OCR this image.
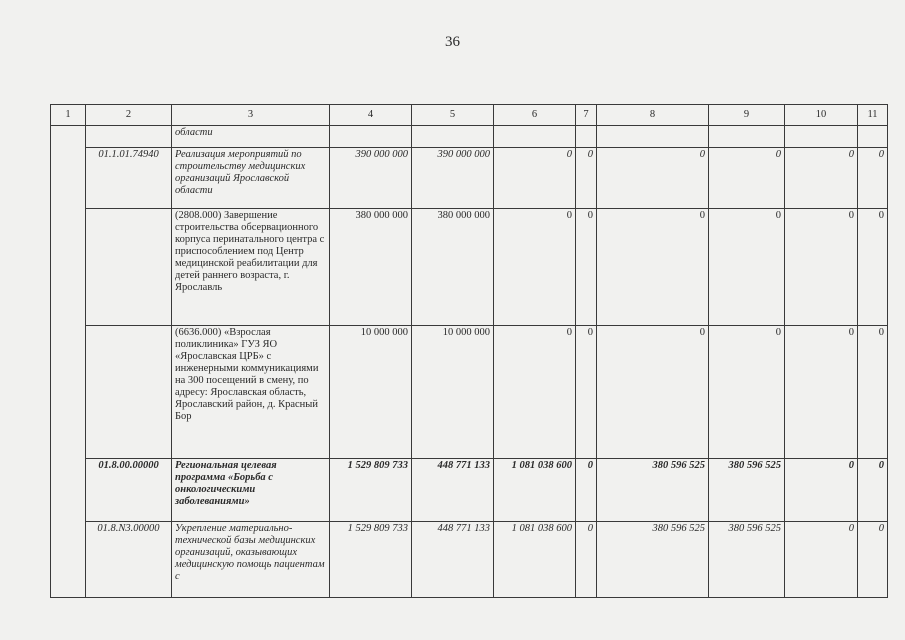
36
1	2	3	4	5	6	7	8	9	10	11
		области								
	01.1.01.74940	Реализация мероприятий по строительству медицинских организаций Ярославской области	390 000 000	390 000 000	0	0	0	0	0	0
		(2808.000) Завершение строительства обсервационного корпуса перинатального центра с приспособлением под Центр медицинской реабилитации для детей раннего возраста, г. Ярославль	380 000 000	380 000 000	0	0	0	0	0	0
		(6636.000) «Взрослая поликлиника» ГУЗ ЯО «Ярославская ЦРБ» с инженерными коммуникациями на 300 посещений в смену, по адресу: Ярославская область, Ярославский район, д. Красный Бор	10 000 000	10 000 000	0	0	0	0	0	0
	01.8.00.00000	Региональная целевая программа «Борьба с онкологическими заболеваниями»	1 529 809 733	448 771 133	1 081 038 600	0	380 596 525	380 596 525	0	0
	01.8.N3.00000	Укрепление материально-технической базы медицинских организаций, оказывающих медицинскую помощь пациентам с	1 529 809 733	448 771 133	1 081 038 600	0	380 596 525	380 596 525	0	0
